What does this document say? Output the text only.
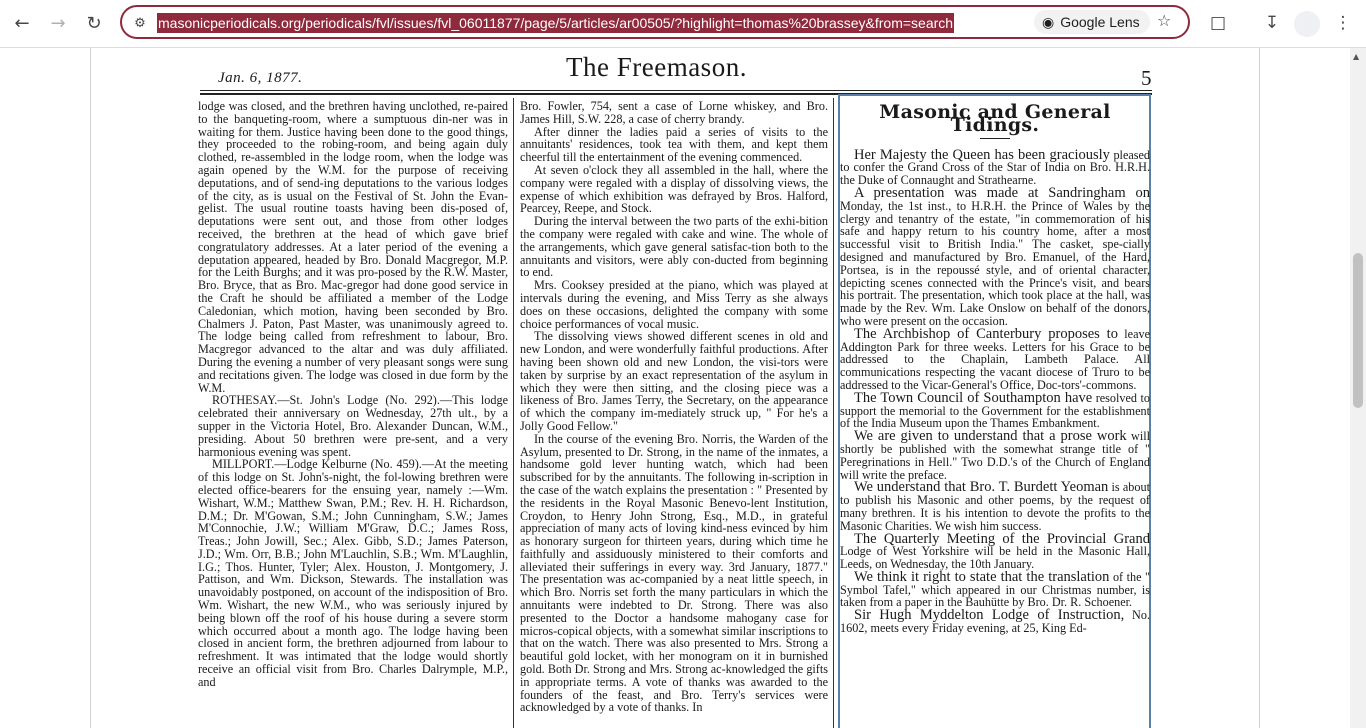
←	→	↻	⚙ masonicperiodicals.org/periodicals/fvl/issues/fvl_06011877/page/5/articles/ar00505/?highlight=thomas%20brassey&from=search	◉ Google Lens ☆	□	↧	⋮
Jan. 6, 1877.	The Freemason.	5

lodge was closed, and the brethren having unclothed, re-paired to the banqueting-room, where a sumptuous din-ner was in waiting for them. Justice having been done to the good things, they proceeded to the robing-room, and being again duly clothed, re-assembled in the lodge room, when the lodge was again opened by the W.M. for the purpose of receiving deputations, and of send-ing deputations to the various lodges of the city, as is usual on the Festival of St. John the Evan-gelist. The usual routine toasts having been dis-posed of, deputations were sent out, and those from other lodges received, the brethren at the head of which gave brief congratulatory addresses. At a later period of the evening a deputation appeared, headed by Bro. Donald Macgregor, M.P. for the Leith Burghs; and it was pro-posed by the R.W. Master, Bro. Bryce, that as Bro. Mac-gregor had done good service in the Craft he should be affiliated a member of the Lodge Caledonian, which motion, having been seconded by Bro. Chalmers J. Paton, Past Master, was unanimously agreed to. The lodge being called from refreshment to labour, Bro. Macgregor advanced to the altar and was duly affiliated. During the evening a number of very pleasant songs were sung and recitations given. The lodge was closed in due form by the W.M.

ROTHESAY.—St. John's Lodge (No. 292).—This lodge celebrated their anniversary on Wednesday, 27th ult., by a supper in the Victoria Hotel, Bro. Alexander Duncan, W.M., presiding. About 50 brethren were pre-sent, and a very harmonious evening was spent.

MILLPORT.—Lodge Kelburne (No. 459).—At the meeting of this lodge on St. John's-night, the fol-lowing brethren were elected office-bearers for the ensuing year, namely :—Wm. Wishart, W.M.; Matthew Swan, P.M.; Rev. H. H. Richardson, D.M.; Dr. M'Gowan, S.M.; John Cunningham, S.W.; James M'Connochie, J.W.; William M'Graw, D.C.; James Ross, Treas.; John Jowill, Sec.; Alex. Gibb, S.D.; James Paterson, J.D.; Wm. Orr, B.B.; John M'Lauchlin, S.B.; Wm. M'Laughlin, I.G.; Thos. Hunter, Tyler; Alex. Houston, J. Montgomery, J. Pattison, and Wm. Dickson, Stewards. The installation was unavoidably postponed, on account of the indisposition of Bro. Wm. Wishart, the new W.M., who was seriously injured by being blown off the roof of his house during a severe storm which occurred about a month ago. The lodge having been closed in ancient form, the brethren adjourned from labour to refreshment. It was intimated that the lodge would shortly receive an official visit from Bro. Charles Dalrymple, M.P., and

Bro. Fowler, 754, sent a case of Lorne whiskey, and Bro. James Hill, S.W. 228, a case of cherry brandy.

After dinner the ladies paid a series of visits to the annuitants' residences, took tea with them, and kept them cheerful till the entertainment of the evening commenced.

At seven o'clock they all assembled in the hall, where the company were regaled with a display of dissolving views, the expense of which exhibition was defrayed by Bros. Halford, Pearcey, Reepe, and Stock.

During the interval between the two parts of the exhi-bition the company were regaled with cake and wine. The whole of the arrangements, which gave general satisfac-tion both to the annuitants and visitors, were ably con-ducted from beginning to end.

Mrs. Cooksey presided at the piano, which was played at intervals during the evening, and Miss Terry as she always does on these occasions, delighted the company with some choice performances of vocal music.

The dissolving views showed different scenes in old and new London, and were wonderfully faithful productions. After having been shown old and new London, the visi-tors were taken by surprise by an exact representation of the asylum in which they were then sitting, and the closing piece was a likeness of Bro. James Terry, the Secretary, on the appearance of which the company im-mediately struck up, " For he's a Jolly Good Fellow."

In the course of the evening Bro. Norris, the Warden of the Asylum, presented to Dr. Strong, in the name of the inmates, a handsome gold lever hunting watch, which had been subscribed for by the annuitants. The following in-scription in the case of the watch explains the presentation : " Presented by the residents in the Royal Masonic Benevo-lent Institution, Croydon, to Henry John Strong, Esq., M.D., in grateful appreciation of many acts of loving kind-ness evinced by him as honorary surgeon for thirteen years, during which time he faithfully and assiduously ministered to their comforts and alleviated their sufferings in every way. 3rd January, 1877." The presentation was ac-companied by a neat little speech, in which Bro. Norris set forth the many particulars in which the annuitants were indebted to Dr. Strong. There was also presented to the Doctor a handsome mahogany case for micros-copical objects, with a somewhat similar inscriptions to that on the watch. There was also presented to Mrs. Strong a beautiful gold locket, with her monogram on it in burnished gold. Both Dr. Strong and Mrs. Strong ac-knowledged the gifts in appropriate terms. A vote of thanks was awarded to the founders of the feast, and Bro. Terry's services were acknowledged by a vote of thanks. In

Masonic and General Tidings.

Her Majesty the Queen has been graciously pleased to confer the Grand Cross of the Star of India on Bro. H.R.H. the Duke of Connaught and Strathearne.

A presentation was made at Sandringham on Monday, the 1st inst., to H.R.H. the Prince of Wales by the clergy and tenantry of the estate, "in commemoration of his safe and happy return to his country home, after a most successful visit to British India." The casket, spe-cially designed and manufactured by Bro. Emanuel, of the Hard, Portsea, is in the repoussé style, and of oriental character, depicting scenes connected with the Prince's visit, and bears his portrait. The presentation, which took place at the hall, was made by the Rev. Wm. Lake Onslow on behalf of the donors, who were present on the occasion.

The Archbishop of Canterbury proposes to leave Addington Park for three weeks. Letters for his Grace to be addressed to the Chaplain, Lambeth Palace. All communications respecting the vacant diocese of Truro to be addressed to the Vicar-General's Office, Doc-tors'-commons.

The Town Council of Southampton have resolved to support the memorial to the Government for the establishment of the India Museum upon the Thames Embankment.

We are given to understand that a prose work will shortly be published with the somewhat strange title of " Peregrinations in Hell." Two D.D.'s of the Church of England will write the preface.

We understand that Bro. T. Burdett Yeoman is about to publish his Masonic and other poems, by the request of many brethren. It is his intention to devote the profits to the Masonic Charities. We wish him success.

The Quarterly Meeting of the Provincial Grand Lodge of West Yorkshire will be held in the Masonic Hall, Leeds, on Wednesday, the 10th January.

We think it right to state that the translation of the " Symbol Tafel," which appeared in our Christmas number, is taken from a paper in the Bauhütte by Bro. Dr. R. Schoener.

Sir Hugh Myddelton Lodge of Instruction, No. 1602, meets every Friday evening, at 25, King Ed-

▲
